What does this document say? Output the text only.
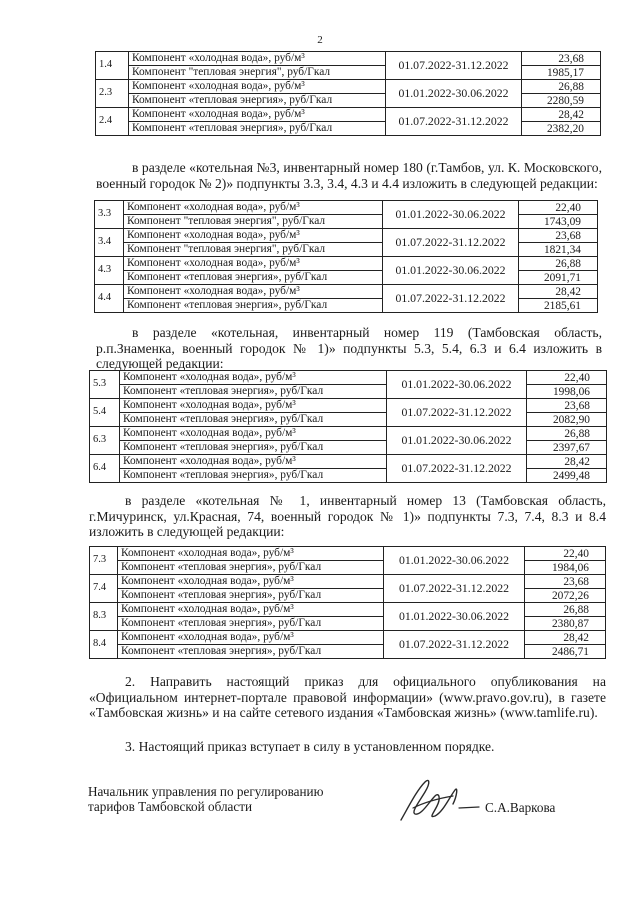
2
1.4	Компонент «холодная вода», руб/м³	01.07.2022-31.12.2022	23,68
	Компонент "тепловая энергия", руб/Гкал		1985,17
2.3	Компонент «холодная вода», руб/м³	01.01.2022-30.06.2022	26,88
	Компонент «тепловая энергия», руб/Гкал		2280,59
2.4	Компонент «холодная вода», руб/м³	01.07.2022-31.12.2022	28,42
	Компонент «тепловая энергия», руб/Гкал		2382,20

в разделе «котельная №3, инвентарный номер 180 (г.Тамбов, ул. К. Московского, военный городок № 2)» подпункты 3.3, 3.4, 4.3 и 4.4 изложить в следующей редакции:

3.3	Компонент «холодная вода», руб/м³	01.01.2022-30.06.2022	22,40
	Компонент "тепловая энергия", руб/Гкал		1743,09
3.4	Компонент «холодная вода», руб/м³	01.07.2022-31.12.2022	23,68
	Компонент "тепловая энергия", руб/Гкал		1821,34
4.3	Компонент «холодная вода», руб/м³	01.01.2022-30.06.2022	26,88
	Компонент «тепловая энергия», руб/Гкал		2091,71
4.4	Компонент «холодная вода», руб/м³	01.07.2022-31.12.2022	28,42
	Компонент «тепловая энергия», руб/Гкал		2185,61

в разделе «котельная, инвентарный номер 119 (Тамбовская область, р.п.Знаменка, военный городок № 1)» подпункты 5.3, 5.4, 6.3 и 6.4 изложить в следующей редакции:

5.3	Компонент «холодная вода», руб/м³	01.01.2022-30.06.2022	22,40
	Компонент «тепловая энергия», руб/Гкал		1998,06
5.4	Компонент «холодная вода», руб/м³	01.07.2022-31.12.2022	23,68
	Компонент «тепловая энергия», руб/Гкал		2082,90
6.3	Компонент «холодная вода», руб/м³	01.01.2022-30.06.2022	26,88
	Компонент «тепловая энергия», руб/Гкал		2397,67
6.4	Компонент «холодная вода», руб/м³	01.07.2022-31.12.2022	28,42
	Компонент «тепловая энергия», руб/Гкал		2499,48

в разделе «котельная № 1, инвентарный номер 13 (Тамбовская область, г.Мичуринск, ул.Красная, 74, военный городок № 1)» подпункты 7.3, 7.4, 8.3 и 8.4 изложить в следующей редакции:

7.3	Компонент «холодная вода», руб/м³	01.01.2022-30.06.2022	22,40
	Компонент «тепловая энергия», руб/Гкал		1984,06
7.4	Компонент «холодная вода», руб/м³	01.07.2022-31.12.2022	23,68
	Компонент «тепловая энергия», руб/Гкал		2072,26
8.3	Компонент «холодная вода», руб/м³	01.01.2022-30.06.2022	26,88
	Компонент «тепловая энергия», руб/Гкал		2380,87
8.4	Компонент «холодная вода», руб/м³	01.07.2022-31.12.2022	28,42
	Компонент «тепловая энергия», руб/Гкал		2486,71

2. Направить настоящий приказ для официального опубликования на «Официальном интернет-портале правовой информации» (www.pravo.gov.ru), в газете «Тамбовская жизнь» и на сайте сетевого издания «Тамбовская жизнь» (www.tamlife.ru).

3. Настоящий приказ вступает в силу в установленном порядке.

Начальник управления по регулированию
тарифов Тамбовской области	С.А.Варкова
